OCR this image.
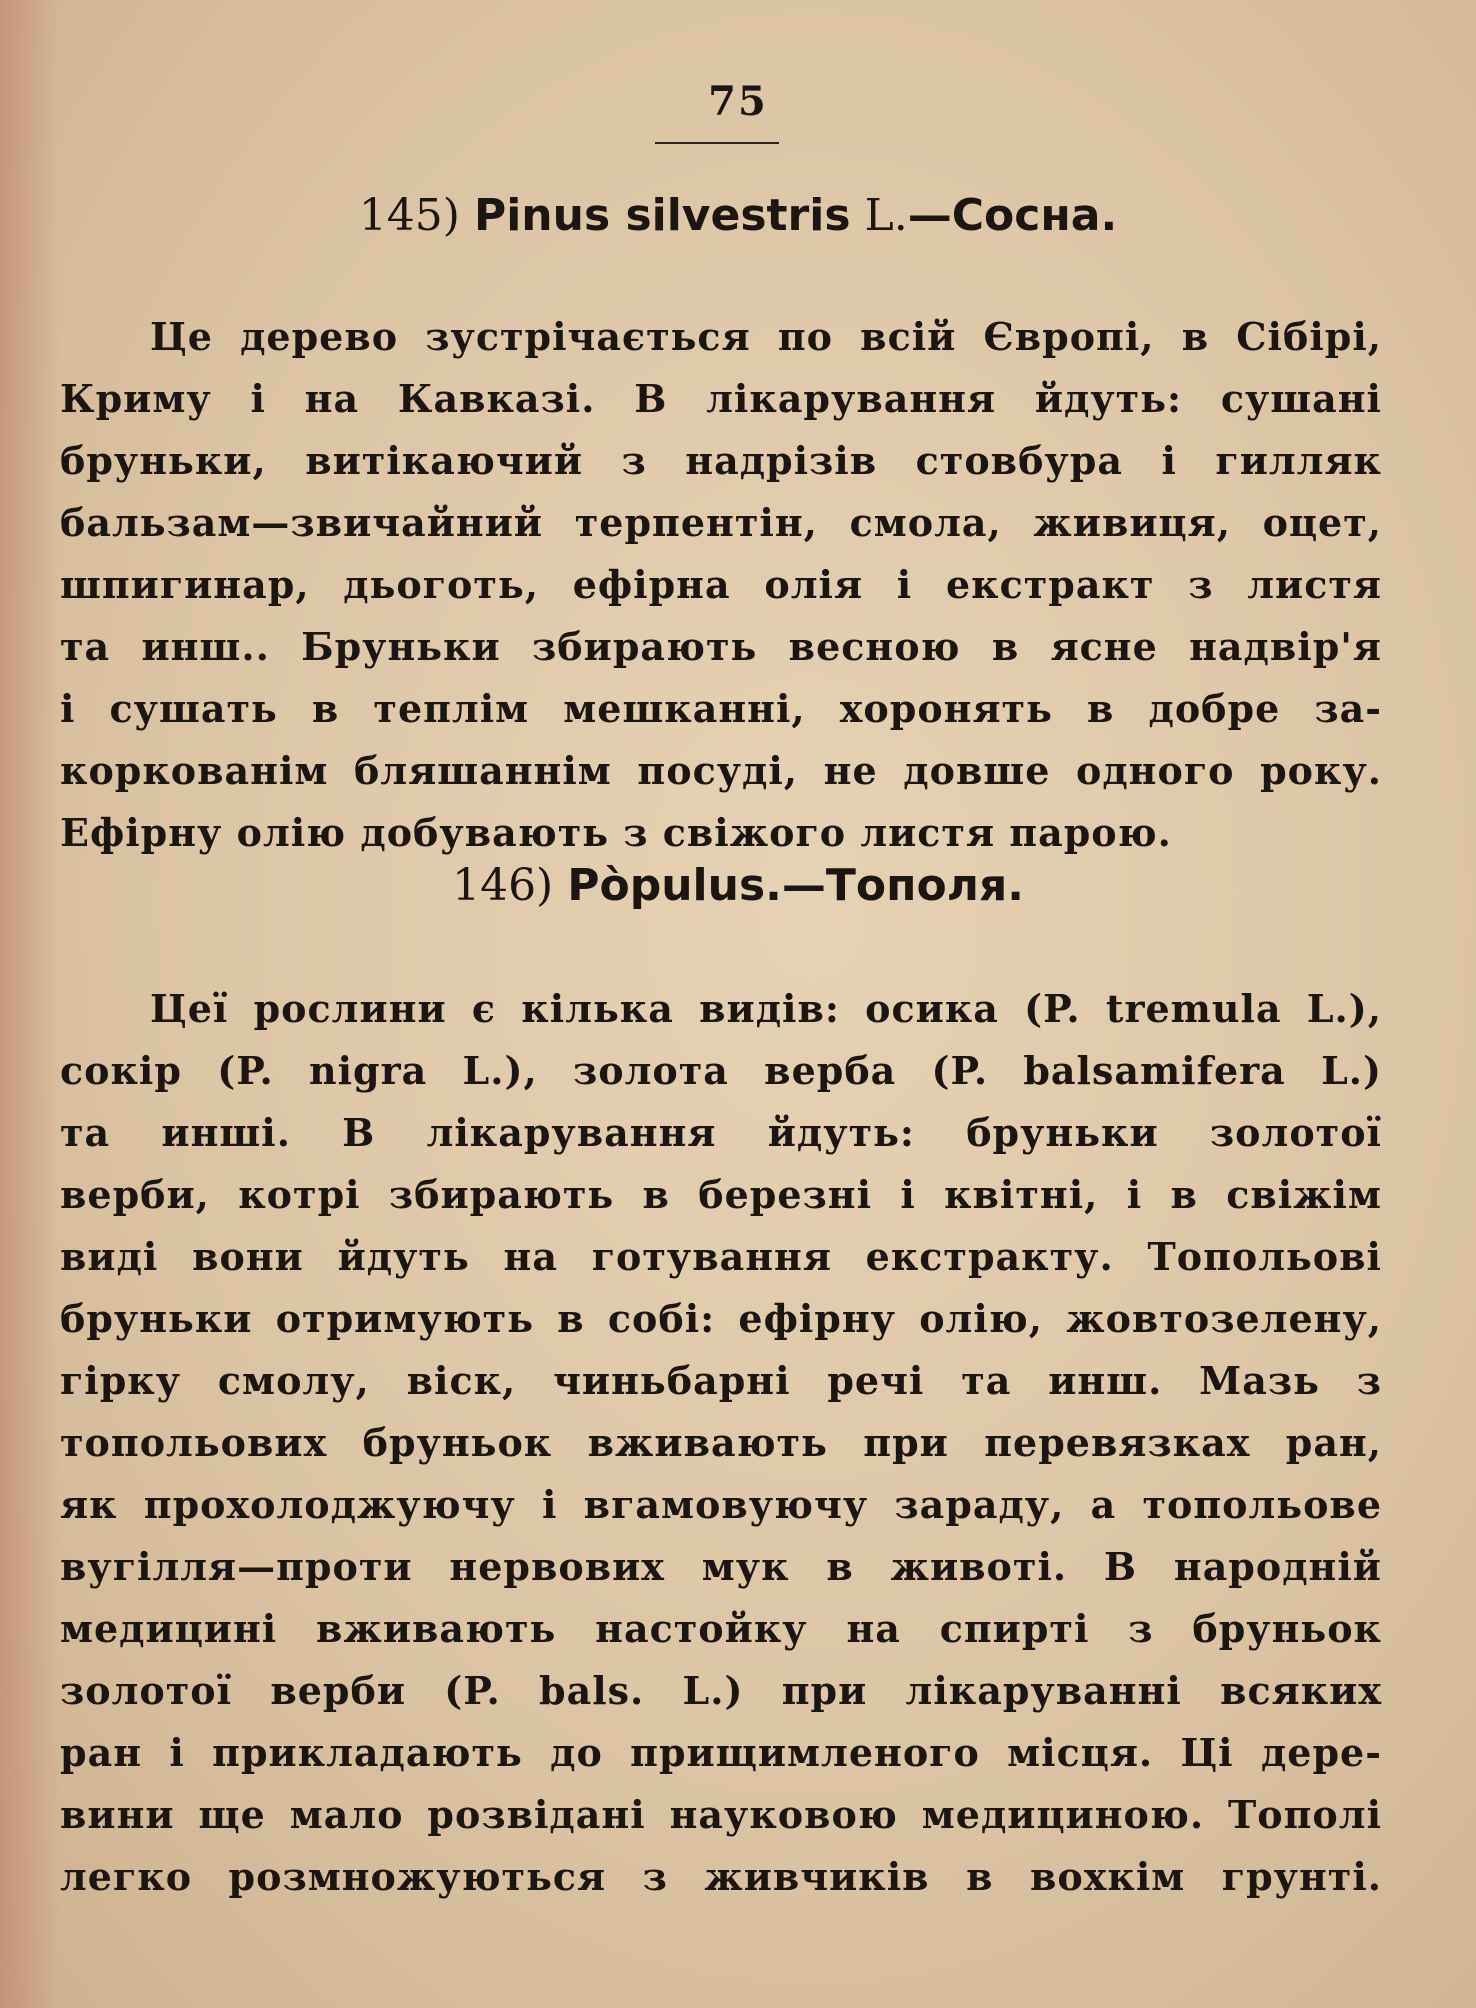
75
145) Pinus silvestris L.—Сосна.
Це дерево зустрічається по всій Європі, в Сібірі,
Криму і на Кавказі. В лікарування йдуть: сушані
бруньки, витікаючий з надрізів стовбура і гилляк
бальзам—звичайний терпентін, смола, живиця, оцет,
шпигинар, дьоготь, ефірна олія і екстракт з листя
та инш.. Бруньки збирають весною в ясне надвір'я
і сушать в теплім мешканні, хоронять в добре за-
коркованім бляшаннім посуді, не довше одного року.
Ефірну олію добувають з свіжого листя парою.
146) Pòpulus.—Тополя.
Цеї рослини є кілька видів: осика (P. tremula L.),
сокір (P. nigra L.), золота верба (P. balsamifera L.)
та инші. В лікарування йдуть: бруньки золотої
верби, котрі збирають в березні і квітні, і в свіжім
виді вони йдуть на готування екстракту. Топольові
бруньки отримують в собі: ефірну олію, жовтозелену,
гірку смолу, віск, чиньбарні речі та инш. Мазь з
топольових бруньок вживають при перевязках ран,
як прохолоджуючу і вгамовуючу зараду, а топольове
вугілля—проти нервових мук в животі. В народній
медицині вживають настойку на спирті з бруньок
золотої верби (P. bals. L.) при лікаруванні всяких
ран і прикладають до прищимленого місця. Ці дере-
вини ще мало розвідані науковою медициною. Тополі
легко розмножуються з живчиків в вохкім грунті.
